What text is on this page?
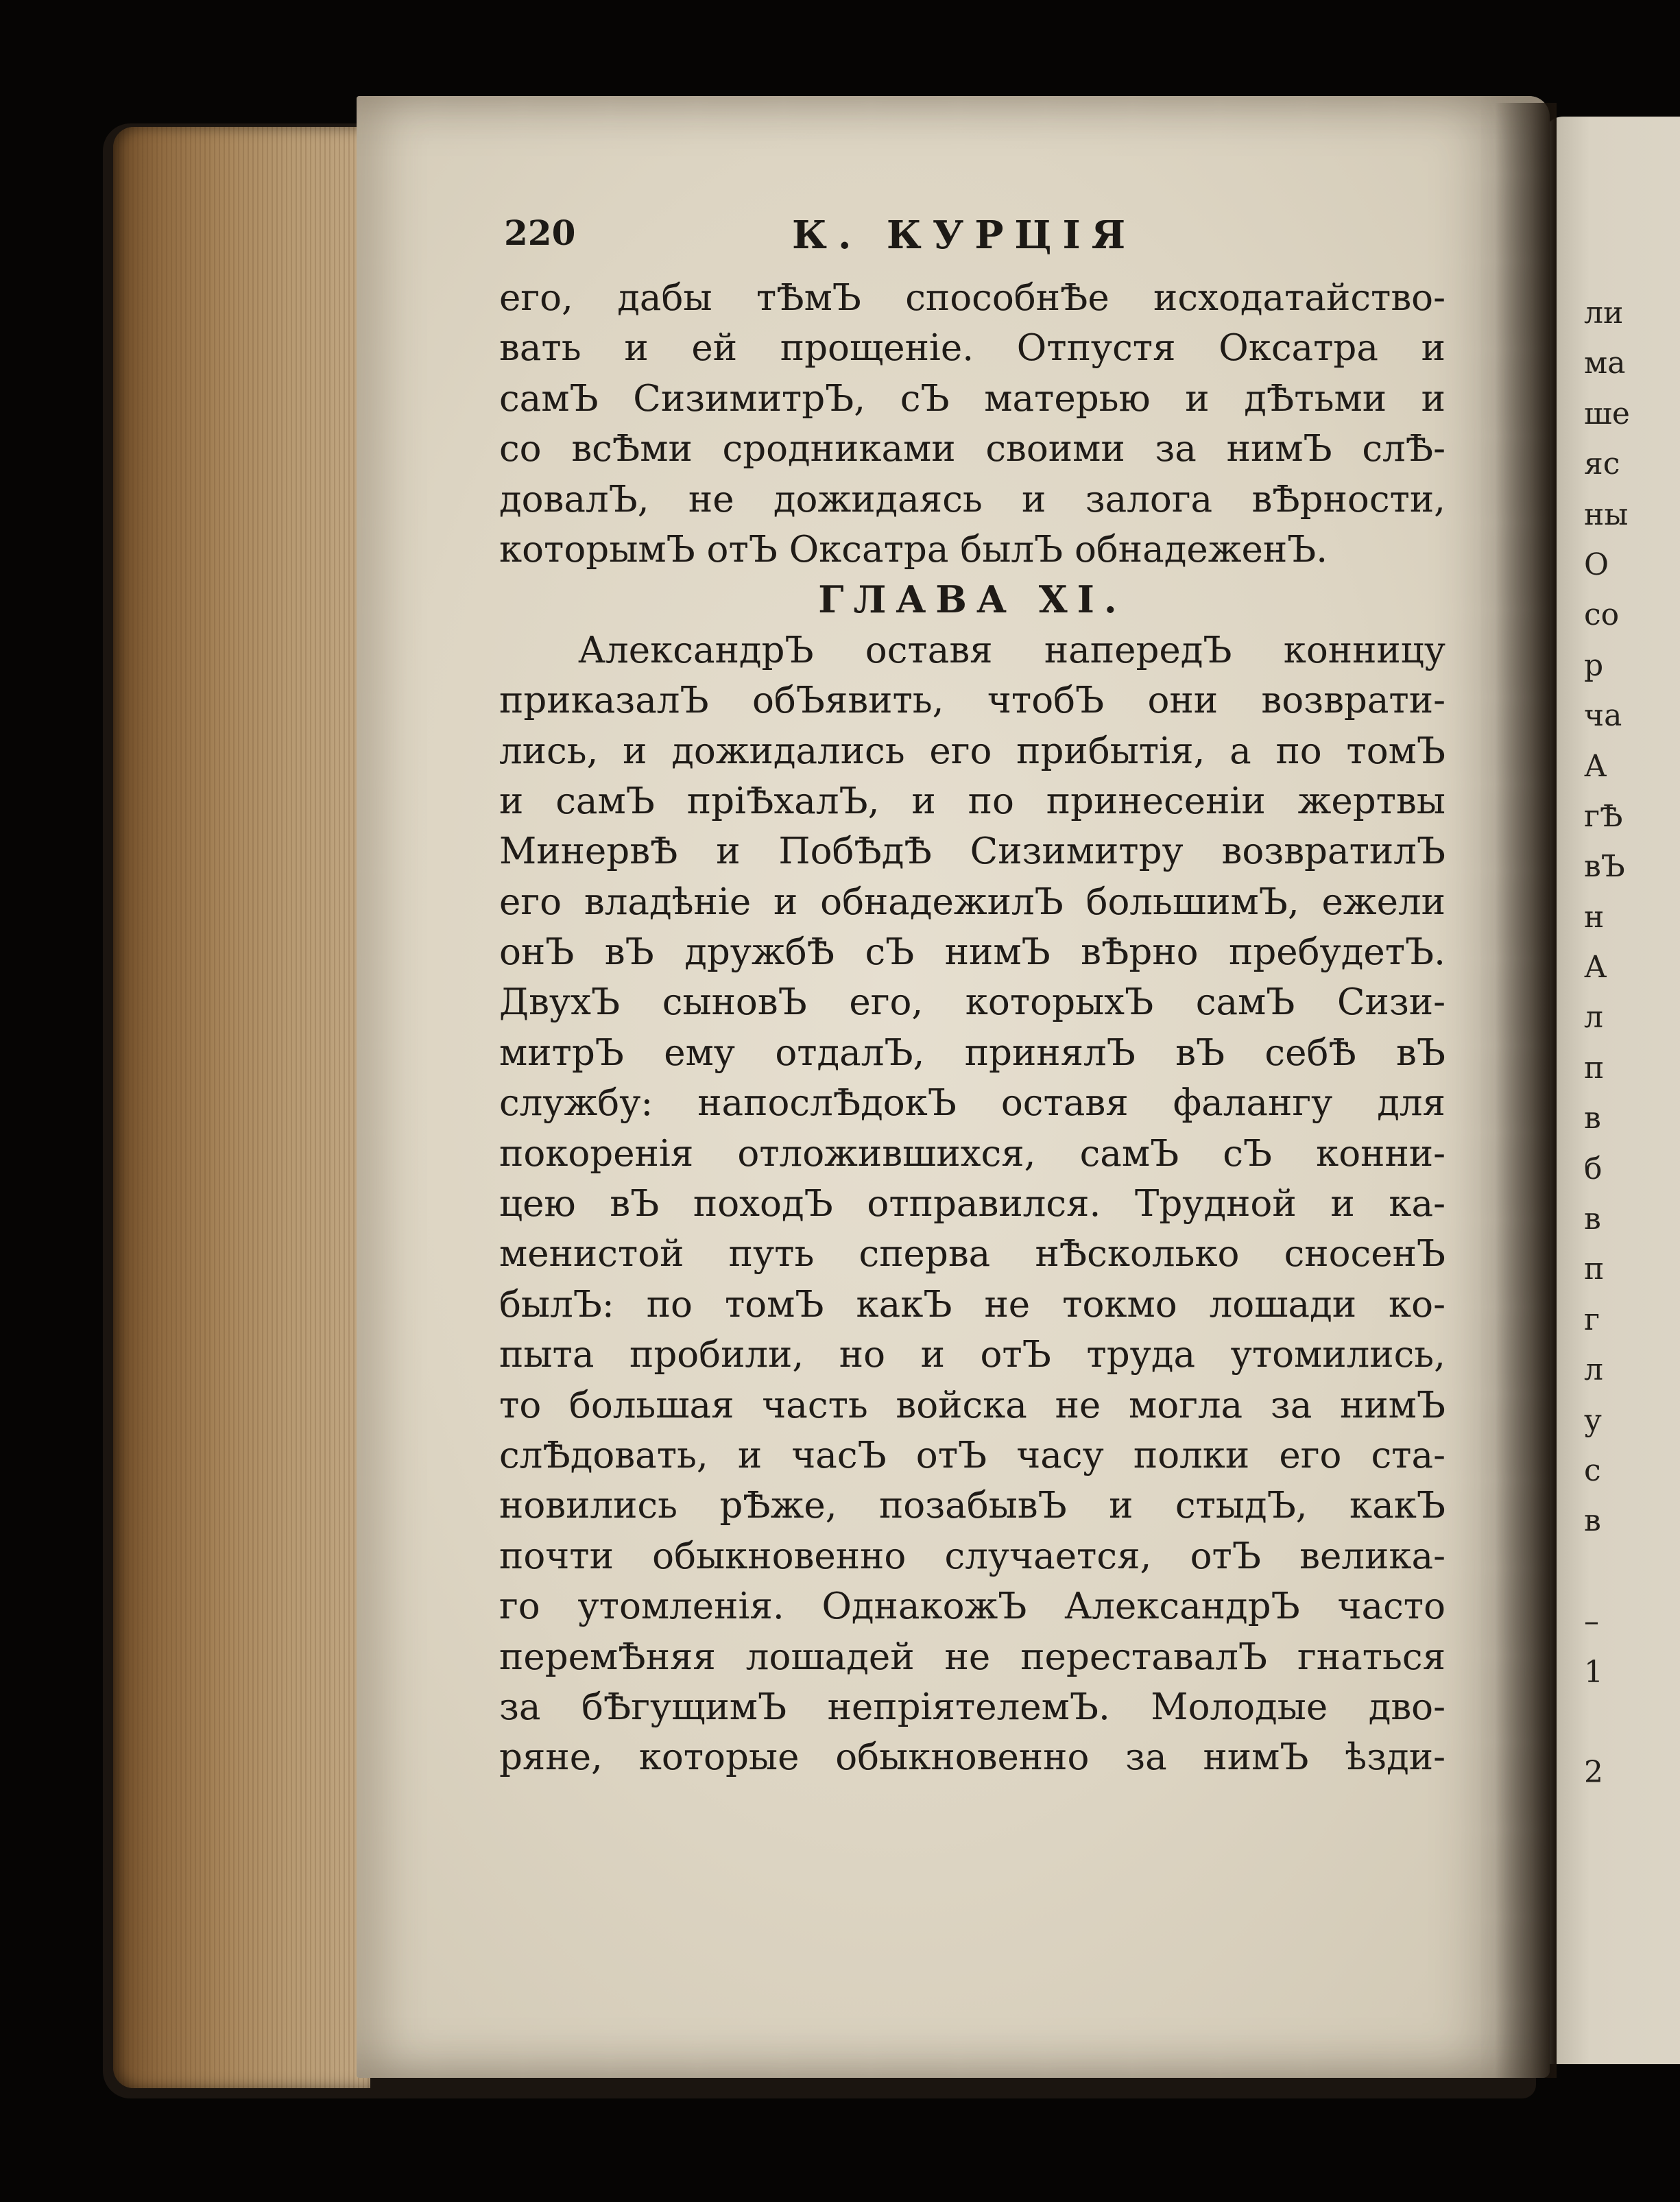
ли
ма
ше
яс
ны
О
со
р
ча
А
гѢ
вЪ
н
А
л
п
в
б
в
п
г
л
у
с
в
–
1
2
220	К. КУРЦІЯ
его, дабы тѢмЪ способнѢе исходатайство-
вать и ей прощеніе. Отпустя Оксатра и
самЪ СизимитрЪ, сЪ матерью и дѢтьми и
со всѢми сродниками своими за нимЪ слѢ-
довалЪ, не дожидаясь и залога вѢрности,
которымЪ отЪ Оксатра былЪ обнадеженЪ.
ГЛАВА XI.
АлександрЪ оставя напередЪ конницу
приказалЪ обЪявить, чтобЪ они возврати-
лись, и дожидались его прибытія, а по томЪ
и самЪ пріѢхалЪ, и по принесеніи жертвы
МинервѢ и ПобѢдѢ Сизимитру возвратилЪ
его владѣніе и обнадежилЪ большимЪ, ежели
онЪ вЪ дружбѢ сЪ нимЪ вѢрно пребудетЪ.
ДвухЪ сыновЪ его, которыхЪ самЪ Сизи-
митрЪ ему отдалЪ, принялЪ вЪ себѢ вЪ
службу: напослѢдокЪ оставя фалангу для
покоренія отложившихся, самЪ сЪ конни-
цею вЪ походЪ отправился. Трудной и ка-
менистой путь сперва нѢсколько сносенЪ
былЪ: по томЪ какЪ не токмо лошади ко-
пыта пробили, но и отЪ труда утомились,
то большая часть войска не могла за нимЪ
слѢдовать, и часЪ отЪ часу полки его ста-
новились рѢже, позабывЪ и стыдЪ, какЪ
почти обыкновенно случается, отЪ велика-
го утомленія. ОднакожЪ АлександрЪ часто
перемѢняя лошадей не переставалЪ гнаться
за бѢгущимЪ непріятелемЪ. Молодые дво-
ряне, которые обыкновенно за нимЪ ѣзди-
